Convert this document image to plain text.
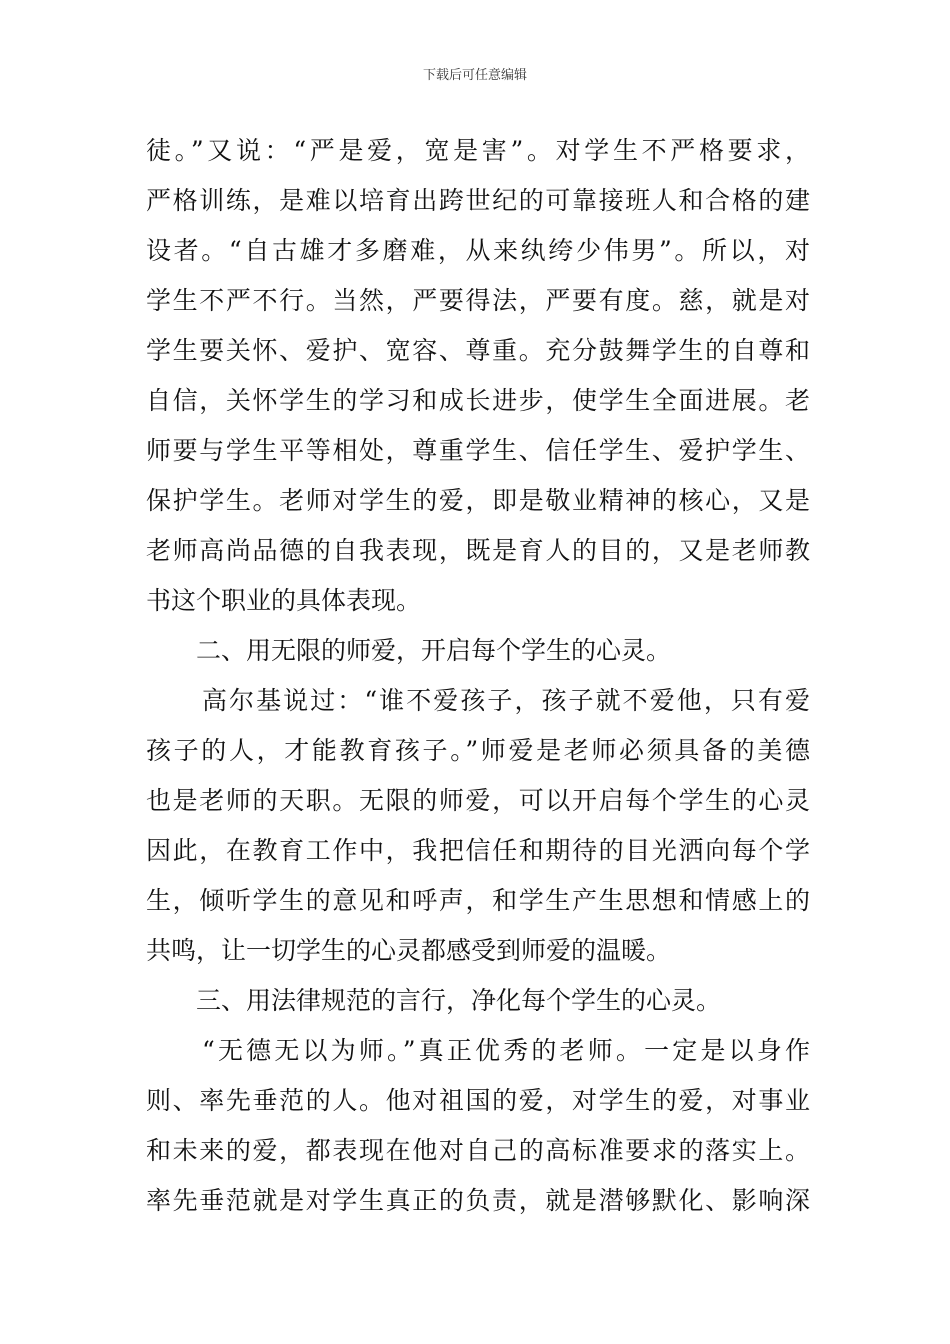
下载后可任意编辑
徒。”又说：“严是爱，宽是害”。对学生不严格要求，
严格训练，是难以培育出跨世纪的可靠接班人和合格的建
设者。“自古雄才多磨难，从来纨绔少伟男”。所以，对
学生不严不行。当然，严要得法，严要有度。慈，就是对
学生要关怀、爱护、宽容、尊重。充分鼓舞学生的自尊和
自信，关怀学生的学习和成长进步，使学生全面进展。老
师要与学生平等相处，尊重学生、信任学生、爱护学生、
保护学生。老师对学生的爱，即是敬业精神的核心，又是
老师高尚品德的自我表现，既是育人的目的，又是老师教
书这个职业的具体表现。
二、用无限的师爱，开启每个学生的心灵。
高尔基说过：“谁不爱孩子，孩子就不爱他，只有爱
孩子的人，才能教育孩子。”师爱是老师必须具备的美德
也是老师的天职。无限的师爱，可以开启每个学生的心灵
因此，在教育工作中，我把信任和期待的目光洒向每个学
生，倾听学生的意见和呼声，和学生产生思想和情感上的
共鸣，让一切学生的心灵都感受到师爱的温暖。
三、用法律规范的言行，净化每个学生的心灵。
“无德无以为师。”真正优秀的老师。一定是以身作
则、率先垂范的人。他对祖国的爱，对学生的爱，对事业
和未来的爱，都表现在他对自己的高标准要求的落实上。
率先垂范就是对学生真正的负责，就是潜够默化、影响深
